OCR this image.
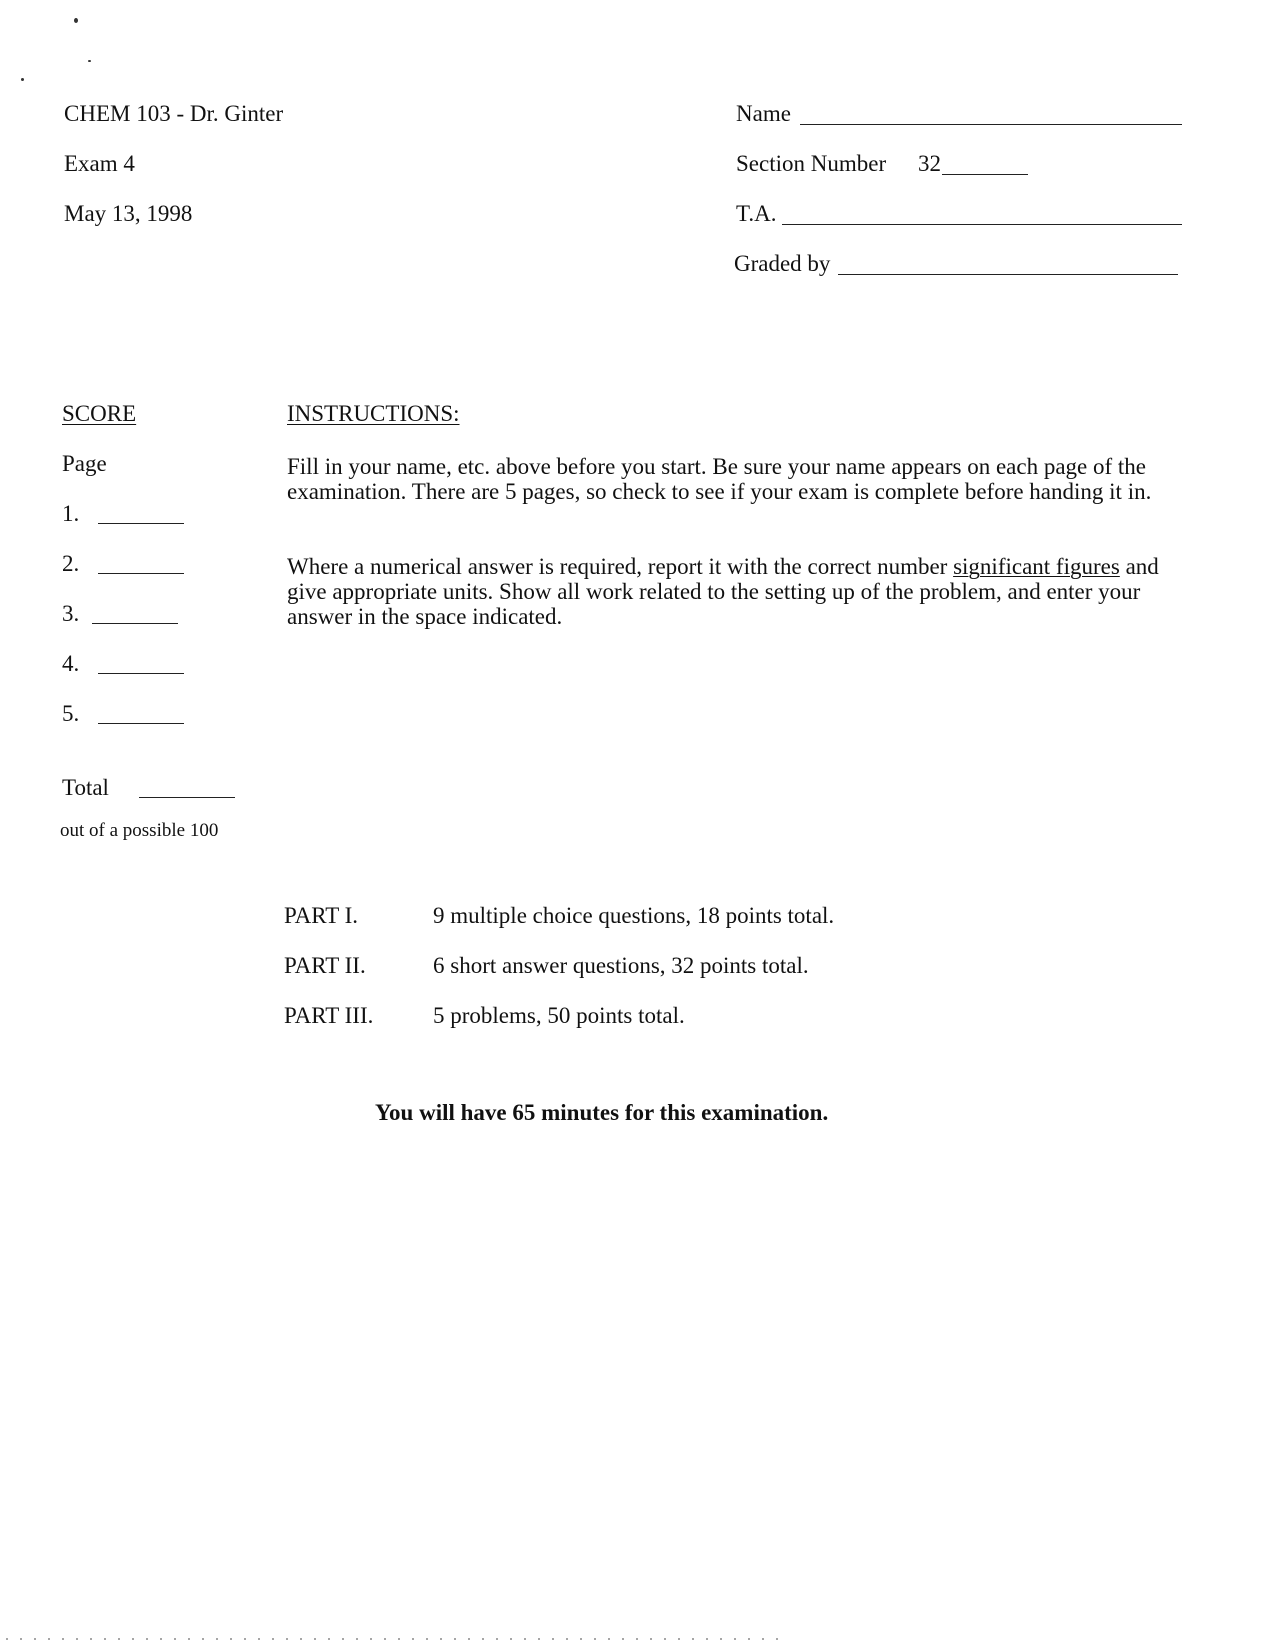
CHEM 103 - Dr. Ginter
Exam 4
May 13, 1998
Name
Section Number 32
T.A.
Graded by
SCORE
Page
1.
2.
3.
4.
5.
Total
out of a possible 100
INSTRUCTIONS:
Fill in your name, etc. above before you start. Be sure your name appears on each page of the examination. There are 5 pages, so check to see if your exam is complete before handing it in.
Where a numerical answer is required, report it with the correct number significant figures and give appropriate units. Show all work related to the setting up of the problem, and enter your answer in the space indicated.
PART I.	9 multiple choice questions, 18 points total.
PART II.	6 short answer questions, 32 points total.
PART III.	5 problems, 50 points total.
You will have 65 minutes for this examination.
